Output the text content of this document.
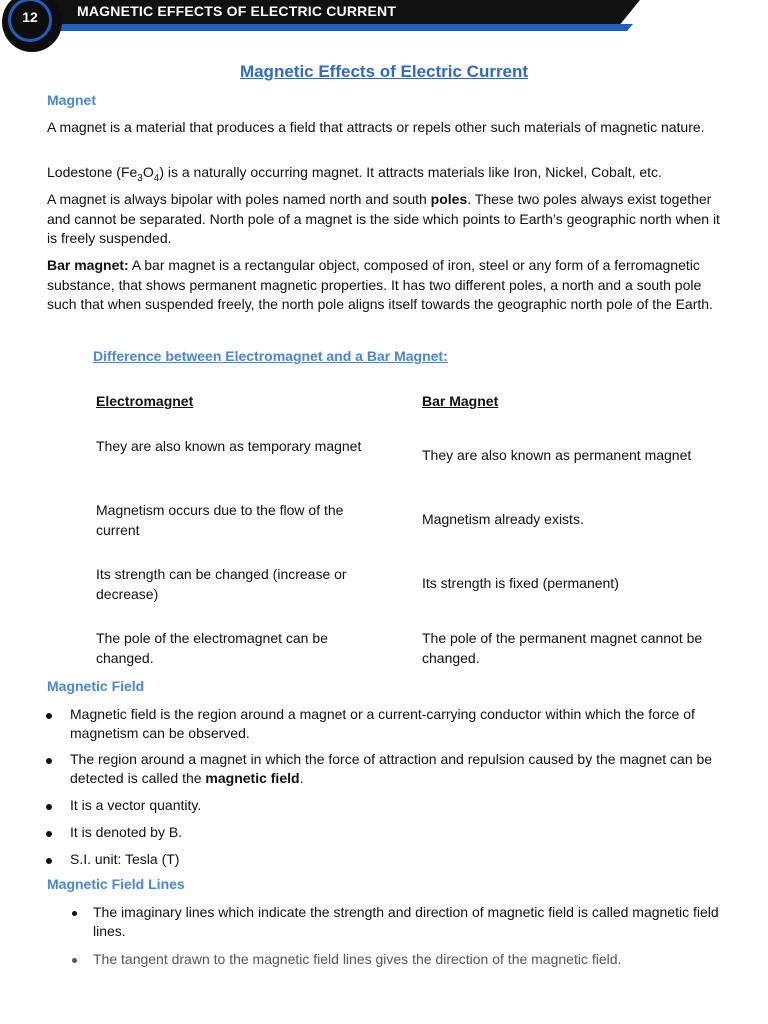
MAGNETIC EFFECTS OF ELECTRIC CURRENT
12
Magnetic Effects of Electric Current
Magnet
A magnet is a material that produces a field that attracts or repels other such materials of magnetic nature.
Lodestone $(Fe_3O_4)$ is a naturally occurring magnet. It attracts materials like Iron, Nickel, Cobalt, etc.
A magnet is always bipolar with poles named north and south poles. These two poles always exist together and cannot be separated. North pole of a magnet is the side which points to Earth’s geographic north when it is freely suspended.
Bar magnet: A bar magnet is a rectangular object, composed of iron, steel or any form of a ferromagnetic substance, that shows permanent magnetic properties. It has two different poles, a north and a south pole such that when suspended freely, the north pole aligns itself towards the geographic north pole of the Earth.
Difference between Electromagnet and a Bar Magnet:
Electromagnet	Bar Magnet
They are also known as temporary magnet
They are also known as permanent magnet
Magnetism occurs due to the flow of the current
Magnetism already exists.
Its strength can be changed (increase or decrease)
Its strength is fixed (permanent)
The pole of the electromagnet can be changed.
The pole of the permanent magnet cannot be changed.
Magnetic Field
Magnetic field is the region around a magnet or a current-carrying conductor within which the force of magnetism can be observed.
The region around a magnet in which the force of attraction and repulsion caused by the magnet can be detected is called the magnetic field.
It is a vector quantity.
It is denoted by B.
S.I. unit: Tesla (T)
Magnetic Field Lines
The imaginary lines which indicate the strength and direction of magnetic field is called magnetic field lines.
The tangent drawn to the magnetic field lines gives the direction of the magnetic field.
